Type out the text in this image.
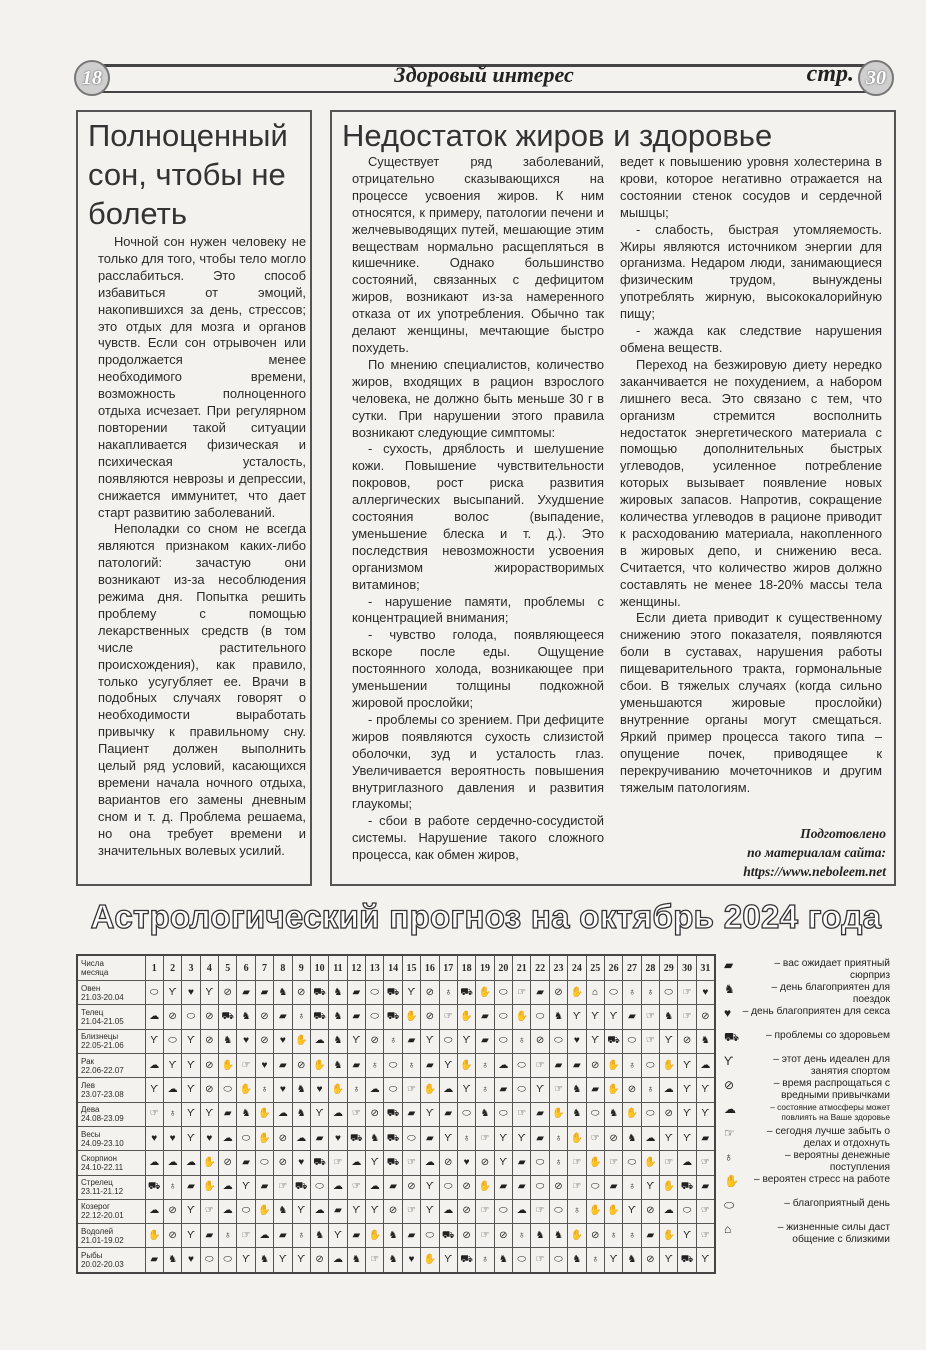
18	Здоровый интерес	стр. 30
Полноценный сон, чтобы не болеть

Ночной сон нужен человеку не только для того, чтобы тело могло расслабиться. Это способ избавиться от эмоций, накопившихся за день, стрессов; это отдых для мозга и органов чувств. Если сон отрывочен или продолжается менее необходимого времени, возможность полноценного отдыха исчезает. При регулярном повторении такой ситуации накапливается физическая и психическая усталость, появляются неврозы и депрессии, снижается иммунитет, что дает старт развитию заболеваний.

Неполадки со сном не всегда являются признаком каких-либо патологий: зачастую они возникают из-за несоблюдения режима дня. Попытка решить проблему с помощью лекарственных средств (в том числе растительного происхождения), как правило, только усугубляет ее. Врачи в подобных случаях говорят о необходимости выработать привычку к правильному сну. Пациент должен выполнить целый ряд условий, касающихся времени начала ночного отдыха, вариантов его замены дневным сном и т. д. Проблема решаема, но она требует времени и значительных волевых усилий.

Недостаток жиров и здоровье

Существует ряд заболеваний, отрицательно сказывающихся на процессе усвоения жиров. К ним относятся, к примеру, патологии печени и желчевыводящих путей, мешающие этим веществам нормально расщепляться в кишечнике. Однако большинство состояний, связанных с дефицитом жиров, возникают из-за намеренного отказа от их употребления. Обычно так делают женщины, мечтающие быстро похудеть.

По мнению специалистов, количество жиров, входящих в рацион взрослого человека, не должно быть меньше 30 г в сутки. При нарушении этого правила возникают следующие симптомы:

- сухость, дряблость и шелушение кожи. Повышение чувствительности покровов, рост риска развития аллергических высыпаний. Ухудшение состояния волос (выпадение, уменьшение блеска и т. д.). Это последствия невозможности усвоения организмом жирорастворимых витаминов;

- нарушение памяти, проблемы с концентрацией внимания;

- чувство голода, появляющееся вскоре после еды. Ощущение постоянного холода, возникающее при уменьшении толщины подкожной жировой прослойки;

- проблемы со зрением. При дефиците жиров появляются сухость слизистой оболочки, зуд и усталость глаз. Увеличивается вероятность повышения внутриглазного давления и развития глаукомы;

- сбои в работе сердечно-сосудистой системы. Нарушение такого сложного процесса, как обмен жиров,

ведет к повышению уровня холестерина в крови, которое негативно отражается на состоянии стенок сосудов и сердечной мышцы;

- слабость, быстрая утомляемость. Жиры являются источником энергии для организма. Недаром люди, занимающиеся физическим трудом, вынуждены употреблять жирную, высококалорийную пищу;

- жажда как следствие нарушения обмена веществ.

Переход на безжировую диету нередко заканчивается не похудением, а набором лишнего веса. Это связано с тем, что организм стремится восполнить недостаток энергетического материала с помощью дополнительных быстрых углеводов, усиленное потребление которых вызывает появление новых жировых запасов. Напротив, сокращение количества углеводов в рационе приводит к расходованию материала, накопленного в жировых депо, и снижению веса. Считается, что количество жиров должно составлять не менее 18-20% массы тела женщины.

Если диета приводит к существенному снижению этого показателя, появляются боли в суставах, нарушения работы пищеварительного тракта, гормональные сбои. В тяжелых случаях (когда сильно уменьшаются жировые прослойки) внутренние органы могут смещаться. Яркий пример процесса такого типа – опущение почек, приводящее к перекручиванию мочеточников и другим тяжелым патологиям.

Подготовлено
по материалам сайта:
https://www.neboleem.net
Астрологический прогноз на октябрь 2024 года
Числа
месяца	1	2	3	4	5	6	7	8	9	10	11	12	13	14	15	16	17	18	19	20	21	22	23	24	25	26	27	28	29	30	31

Овен
21.03-20.04	⬭	Ƴ	♥	Ƴ	⊘	▰	▰	♞	⊘	⛟	♞	▰	⬭	⛟	Ƴ	⊘	♁	⛟	✋	⬭	☞	▰	⊘	✋	⌂	⬭	♁	♁	⬭	☞	♥

Телец
21.04-21.05	☁	⊘	⬭	⊘	⛟	♞	⊘	▰	♁	⛟	♞	▰	⬭	⛟	✋	⊘	☞	✋	▰	⬭	✋	⬭	♞	Ƴ	Ƴ	Ƴ	▰	☞	♞	☞	⊘

Близнецы
22.05-21.06	Ƴ	⬭	Ƴ	⊘	♞	♥	⊘	♥	✋	☁	♞	Ƴ	⊘	♁	▰	Ƴ	⬭	Ƴ	▰	⬭	♁	⊘	⬭	♥	Ƴ	⛟	⬭	☞	Ƴ	⊘	♞

Рак
22.06-22.07	☁	Ƴ	Ƴ	⊘	✋	☞	♥	▰	⊘	✋	♞	▰	♁	⬭	♁	▰	Ƴ	✋	♁	☁	⬭	☞	▰	▰	⊘	✋	♁	⬭	✋	Ƴ	☁

Лев
23.07-23.08	Ƴ	☁	Ƴ	⊘	⬭	✋	♁	♥	♞	♥	✋	♁	☁	⬭	☞	✋	☁	Ƴ	♁	▰	⬭	Ƴ	☞	♞	▰	✋	⊘	♁	☁	Ƴ	Ƴ

Дева
24.08-23.09	☞	♁	Ƴ	Ƴ	▰	♞	✋	☁	♞	Ƴ	☁	☞	⊘	⛟	▰	Ƴ	▰	⬭	♞	⬭	☞	▰	✋	♞	⬭	♞	✋	⬭	⊘	Ƴ	Ƴ

Весы
24.09-23.10	♥	♥	Ƴ	♥	☁	⬭	✋	⊘	☁	▰	♥	⛟	♞	⛟	⬭	▰	Ƴ	♁	☞	Ƴ	Ƴ	▰	♁	✋	☞	⊘	♞	☁	Ƴ	Ƴ	▰

Скорпион
24.10-22.11	☁	☁	☁	✋	⊘	▰	⬭	⊘	♥	⛟	☞	☁	Ƴ	⛟	☞	☁	⊘	♥	⊘	Ƴ	▰	⬭	♁	☞	✋	☞	⬭	✋	☞	☁	☞

Стрелец
23.11-21.12	⛟	♁	▰	✋	☁	Ƴ	▰	☞	⛟	⬭	☁	☞	☁	▰	⊘	Ƴ	⬭	⊘	✋	▰	▰	⬭	⊘	☞	⬭	▰	♁	Ƴ	✋	⛟	▰

Козерог
22.12-20.01	☁	⊘	Ƴ	☞	☁	⬭	✋	♞	Ƴ	☁	▰	Ƴ	Ƴ	⊘	☞	Ƴ	☁	⊘	☞	⬭	☁	☞	⬭	♁	✋	✋	Ƴ	⊘	☁	⬭	☞

Водолей
21.01-19.02	✋	⊘	Ƴ	▰	♁	☞	☁	▰	♁	♞	Ƴ	▰	✋	♞	▰	⬭	⛟	⊘	☞	⊘	♁	♞	♞	✋	⊘	♁	♁	▰	✋	Ƴ	☞

Рыбы
20.02-20.03	▰	♞	♥	⬭	⬭	Ƴ	♞	Ƴ	Ƴ	⊘	☁	♞	☞	♞	♥	✋	Ƴ	⛟	♁	♞	⬭	☞	⬭	♞	♁	Ƴ	♞	⊘	Ƴ	⛟	Ƴ
▰	– вас ожидает приятный сюрприз
♞	– день благоприятен для поездок
♥	– день благоприятен для секса
⛟	– проблемы со здоровьем
Ƴ	– этот день идеален для занятия спортом
⊘	– время распрощаться с вредными привычками
☁	– состояние атмосферы может повлиять на Ваше здоровье
☞	– сегодня лучше забыть о делах и отдохнуть
♁	– вероятны денежные поступления
✋	– вероятен стресс на работе
⬭	– благоприятный день
⌂	– жизненные силы даст общение с близкими
